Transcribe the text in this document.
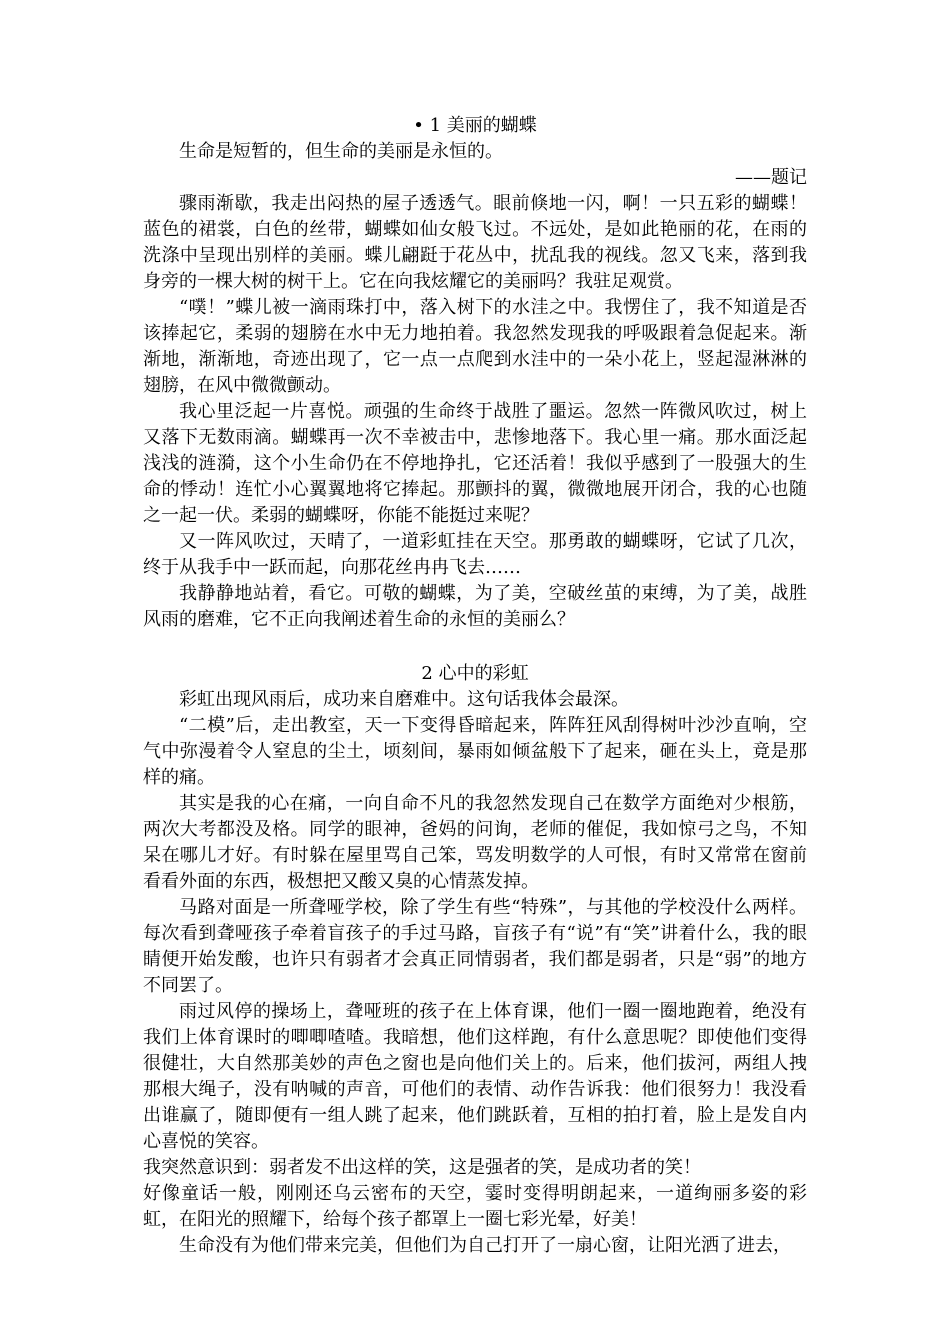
• 1 美丽的蝴蝶
生命是短暂的，但生命的美丽是永恒的。
——题记
骤雨渐歇，我走出闷热的屋子透透气。眼前倏地一闪，啊！一只五彩的蝴蝶！蓝色的裙裳，白色的丝带，蝴蝶如仙女般飞过。不远处，是如此艳丽的花，在雨的洗涤中呈现出别样的美丽。蝶儿翩跹于花丛中，扰乱我的视线。忽又飞来，落到我身旁的一棵大树的树干上。它在向我炫耀它的美丽吗？我驻足观赏。
“噗！”蝶儿被一滴雨珠打中，落入树下的水洼之中。我愣住了，我不知道是否该捧起它，柔弱的翅膀在水中无力地拍着。我忽然发现我的呼吸跟着急促起来。渐渐地，渐渐地，奇迹出现了，它一点一点爬到水洼中的一朵小花上，竖起湿淋淋的翅膀，在风中微微颤动。
我心里泛起一片喜悦。顽强的生命终于战胜了噩运。忽然一阵微风吹过，树上又落下无数雨滴。蝴蝶再一次不幸被击中，悲惨地落下。我心里一痛。那水面泛起浅浅的涟漪，这个小生命仍在不停地挣扎，它还活着！我似乎感到了一股强大的生命的悸动！连忙小心翼翼地将它捧起。那颤抖的翼，微微地展开闭合，我的心也随之一起一伏。柔弱的蝴蝶呀，你能不能挺过来呢？
又一阵风吹过，天晴了，一道彩虹挂在天空。那勇敢的蝴蝶呀，它试了几次，终于从我手中一跃而起，向那花丝冉冉飞去……
我静静地站着，看它。可敬的蝴蝶，为了美，空破丝茧的束缚，为了美，战胜风雨的磨难，它不正向我阐述着生命的永恒的美丽么？
2 心中的彩虹
彩虹出现风雨后，成功来自磨难中。这句话我体会最深。
“二模”后，走出教室，天一下变得昏暗起来，阵阵狂风刮得树叶沙沙直响，空气中弥漫着令人窒息的尘土，顷刻间，暴雨如倾盆般下了起来，砸在头上，竟是那样的痛。
其实是我的心在痛，一向自命不凡的我忽然发现自己在数学方面绝对少根筋，两次大考都没及格。同学的眼神，爸妈的问询，老师的催促，我如惊弓之鸟，不知呆在哪儿才好。有时躲在屋里骂自己笨，骂发明数学的人可恨，有时又常常在窗前看看外面的东西，极想把又酸又臭的心情蒸发掉。
马路对面是一所聋哑学校，除了学生有些“特殊”，与其他的学校没什么两样。每次看到聋哑孩子牵着盲孩子的手过马路，盲孩子有“说”有“笑”讲着什么，我的眼睛便开始发酸，也许只有弱者才会真正同情弱者，我们都是弱者，只是“弱”的地方不同罢了。
雨过风停的操场上，聋哑班的孩子在上体育课，他们一圈一圈地跑着，绝没有我们上体育课时的唧唧喳喳。我暗想，他们这样跑，有什么意思呢？即使他们变得很健壮，大自然那美妙的声色之窗也是向他们关上的。后来，他们拔河，两组人拽那根大绳子，没有呐喊的声音，可他们的表情、动作告诉我：他们很努力！我没看出谁赢了，随即便有一组人跳了起来，他们跳跃着，互相的拍打着，脸上是发自内心喜悦的笑容。
我突然意识到：弱者发不出这样的笑，这是强者的笑，是成功者的笑！
好像童话一般，刚刚还乌云密布的天空，霎时变得明朗起来，一道绚丽多姿的彩虹，在阳光的照耀下，给每个孩子都罩上一圈七彩光晕，好美！
生命没有为他们带来完美，但他们为自己打开了一扇心窗，让阳光洒了进去，
